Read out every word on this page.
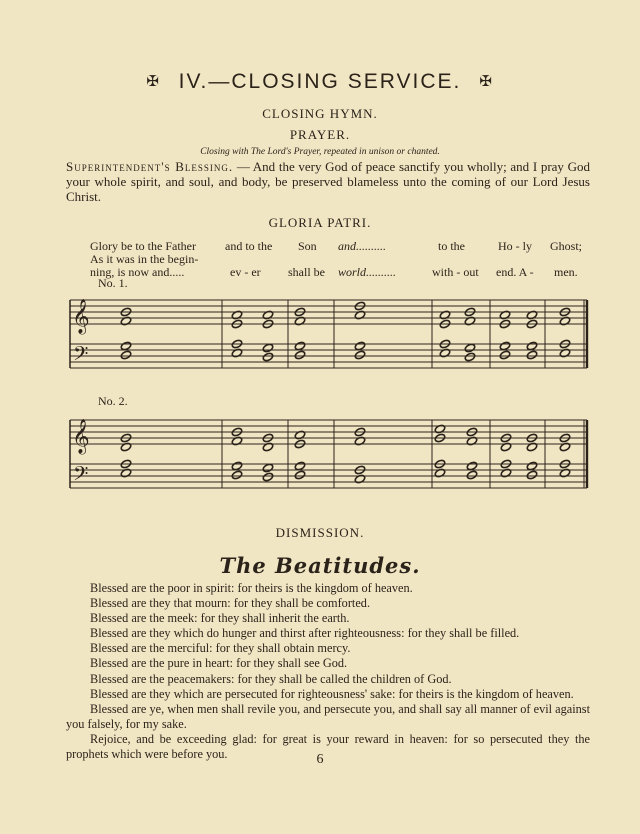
✠ IV.—CLOSING SERVICE. ✠
CLOSING HYMN.
PRAYER.
Closing with The Lord's Prayer, repeated in unison or chanted.
Superintendent's Blessing. — And the very God of peace sanctify you wholly; and I pray God your whole spirit, and soul, and body, be preserved blameless unto the coming of our Lord Jesus Christ.
GLORIA PATRI.
Glory be to the Father
As it was in the begin-
ning, is now and.....
and to the
ev - er
Son
shall be
and..........
world..........
to the
with - out
Ho - ly
end. A -
Ghost;
men.
No. 1.
𝄞
𝄢
No. 2.
𝄞
𝄢
DISMISSION.
The Beatitudes.
Blessed are the poor in spirit: for theirs is the kingdom of heaven.
Blessed are they that mourn: for they shall be comforted.
Blessed are the meek: for they shall inherit the earth.
Blessed are they which do hunger and thirst after righteousness: for they shall be filled.
Blessed are the merciful: for they shall obtain mercy.
Blessed are the pure in heart: for they shall see God.
Blessed are the peacemakers: for they shall be called the children of God.
Blessed are they which are persecuted for righteousness' sake: for theirs is the kingdom of heaven.
Blessed are ye, when men shall revile you, and persecute you, and shall say all manner of evil against you falsely, for my sake.
Rejoice, and be exceeding glad: for great is your reward in heaven: for so persecuted they the prophets which were before you.	6
